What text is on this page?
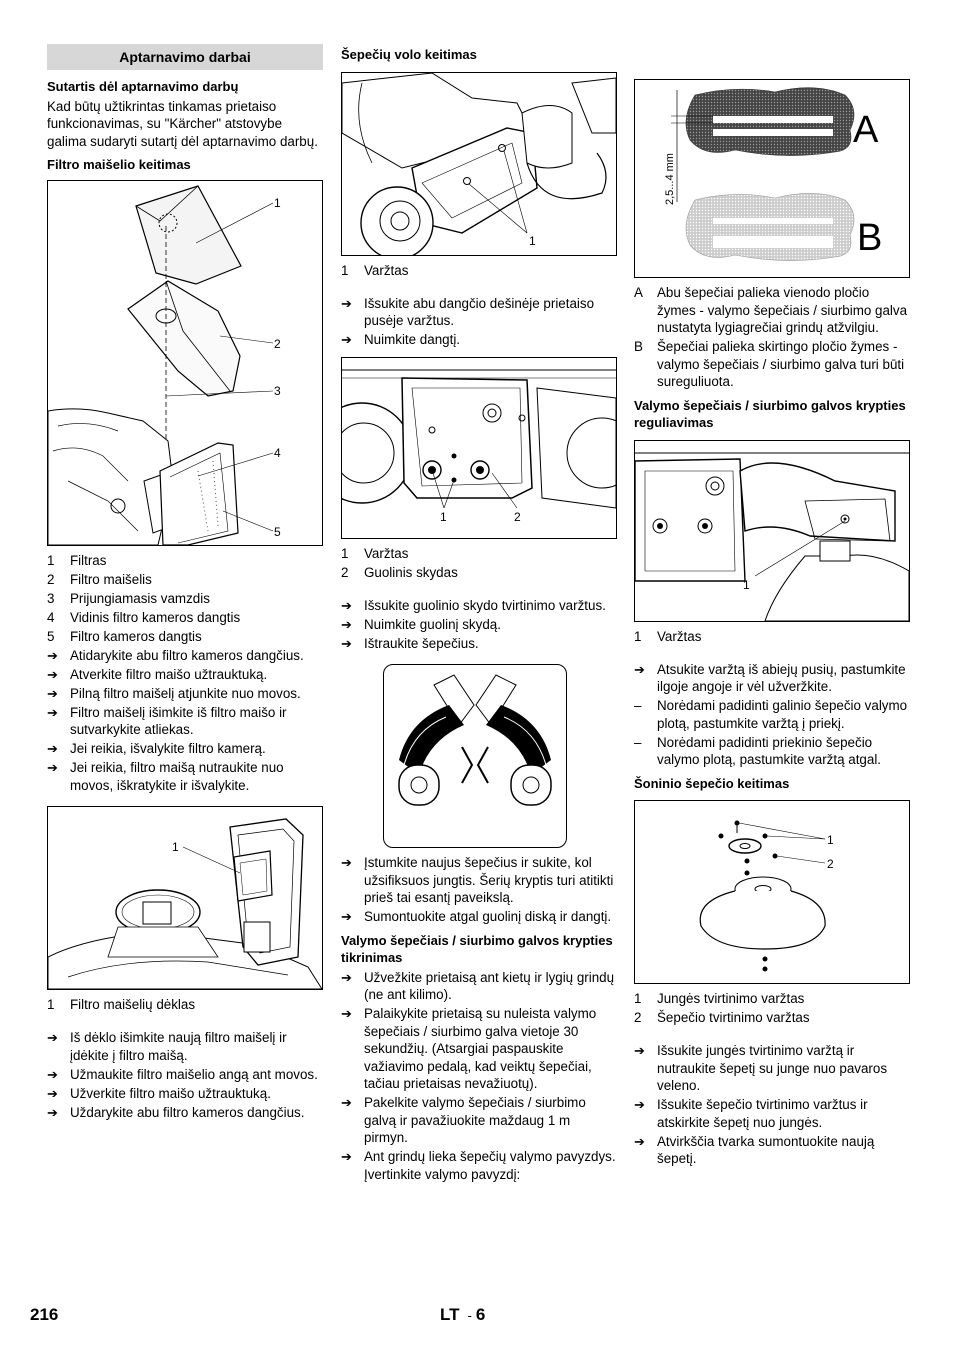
Aptarnavimo darbai
Sutartis dėl aptarnavimo darbų

Kad būtų užtikrintas tinkamas prietaiso funkcionavimas, su "Kärcher" atstovybe galima sudaryti sutartį dėl aptarnavimo darbų.

Filtro maišelio keitimas
1
2
3
4
5
1	Filtras
2	Filtro maišelis
3	Prijungiamasis vamzdis
4	Vidinis filtro kameros dangtis
5	Filtro kameros dangtis
➔ Atidarykite abu filtro kameros dangčius.
➔ Atverkite filtro maišo užtrauktuką.
➔ Pilną filtro maišelį atjunkite nuo movos.
➔ Filtro maišelį išimkite iš filtro maišo ir sutvarkykite atliekas.
➔ Jei reikia, išvalykite filtro kamerą.
➔ Jei reikia, filtro maišą nutraukite nuo movos, iškratykite ir išvalykite.
1
1	Filtro maišelių dėklas
➔ Iš dėklo išimkite naują filtro maišelį ir įdėkite į filtro maišą.
➔ Užmaukite filtro maišelio angą ant movos.
➔ Užverkite filtro maišo užtrauktuką.
➔ Uždarykite abu filtro kameros dangčius.
Šepečių volo keitimas
1
1	Varžtas
➔ Išsukite abu dangčio dešinėje prietaiso pusėje varžtus.
➔ Nuimkite dangtį.
1	2
1	Varžtas
2	Guolinis skydas
➔ Išsukite guolinio skydo tvirtinimo varžtus.
➔ Nuimkite guolinį skydą.
➔ Ištraukite šepečius.
➔ Įstumkite naujus šepečius ir sukite, kol užsifiksuos jungtis. Šerių kryptis turi atitikti prieš tai esantį paveikslą.
➔ Sumontuokite atgal guolinį diską ir dangtį.
Valymo šepečiais / siurbimo galvos krypties tikrinimas
➔ Užvežkite prietaisą ant kietų ir lygių grindų (ne ant kilimo).
➔ Palaikykite prietaisą su nuleista valymo šepečiais / siurbimo galva vietoje 30 sekundžių. (Atsargiai paspauskite važiavimo pedalą, kad veiktų šepečiai, tačiau prietaisas nevažiuotų).
➔ Pakelkite valymo šepečiais / siurbimo galvą ir pavažiuokite maždaug 1 m pirmyn.
➔ Ant grindų lieka šepečių valymo pavyzdys. Įvertinkite valymo pavyzdį:
A
B
2,5...4 mm
A	Abu šepečiai palieka vienodo pločio žymes - valymo šepečiais / siurbimo galva nustatyta lygiagrečiai grindų atžvilgiu.
B	Šepečiai palieka skirtingo pločio žymes - valymo šepečiais / siurbimo galva turi būti sureguliuota.
Valymo šepečiais / siurbimo galvos krypties reguliavimas
1
1	Varžtas
➔ Atsukite varžtą iš abiejų pusių, pastumkite ilgoje angoje ir vėl užveržkite.
–	Norėdami padidinti galinio šepečio valymo plotą, pastumkite varžtą į priekį.
–	Norėdami padidinti priekinio šepečio valymo plotą, pastumkite varžtą atgal.
Šoninio šepečio keitimas
1
2
1	Jungės tvirtinimo varžtas
2	Šepečio tvirtinimo varžtas
➔ Išsukite jungės tvirtinimo varžtą ir nutraukite šepetį su junge nuo pavaros veleno.
➔ Išsukite šepečio tvirtinimo varžtus ir atskirkite šepetį nuo jungės.
➔ Atvirkščia tvarka sumontuokite naują šepetį.
216	LT - 6
